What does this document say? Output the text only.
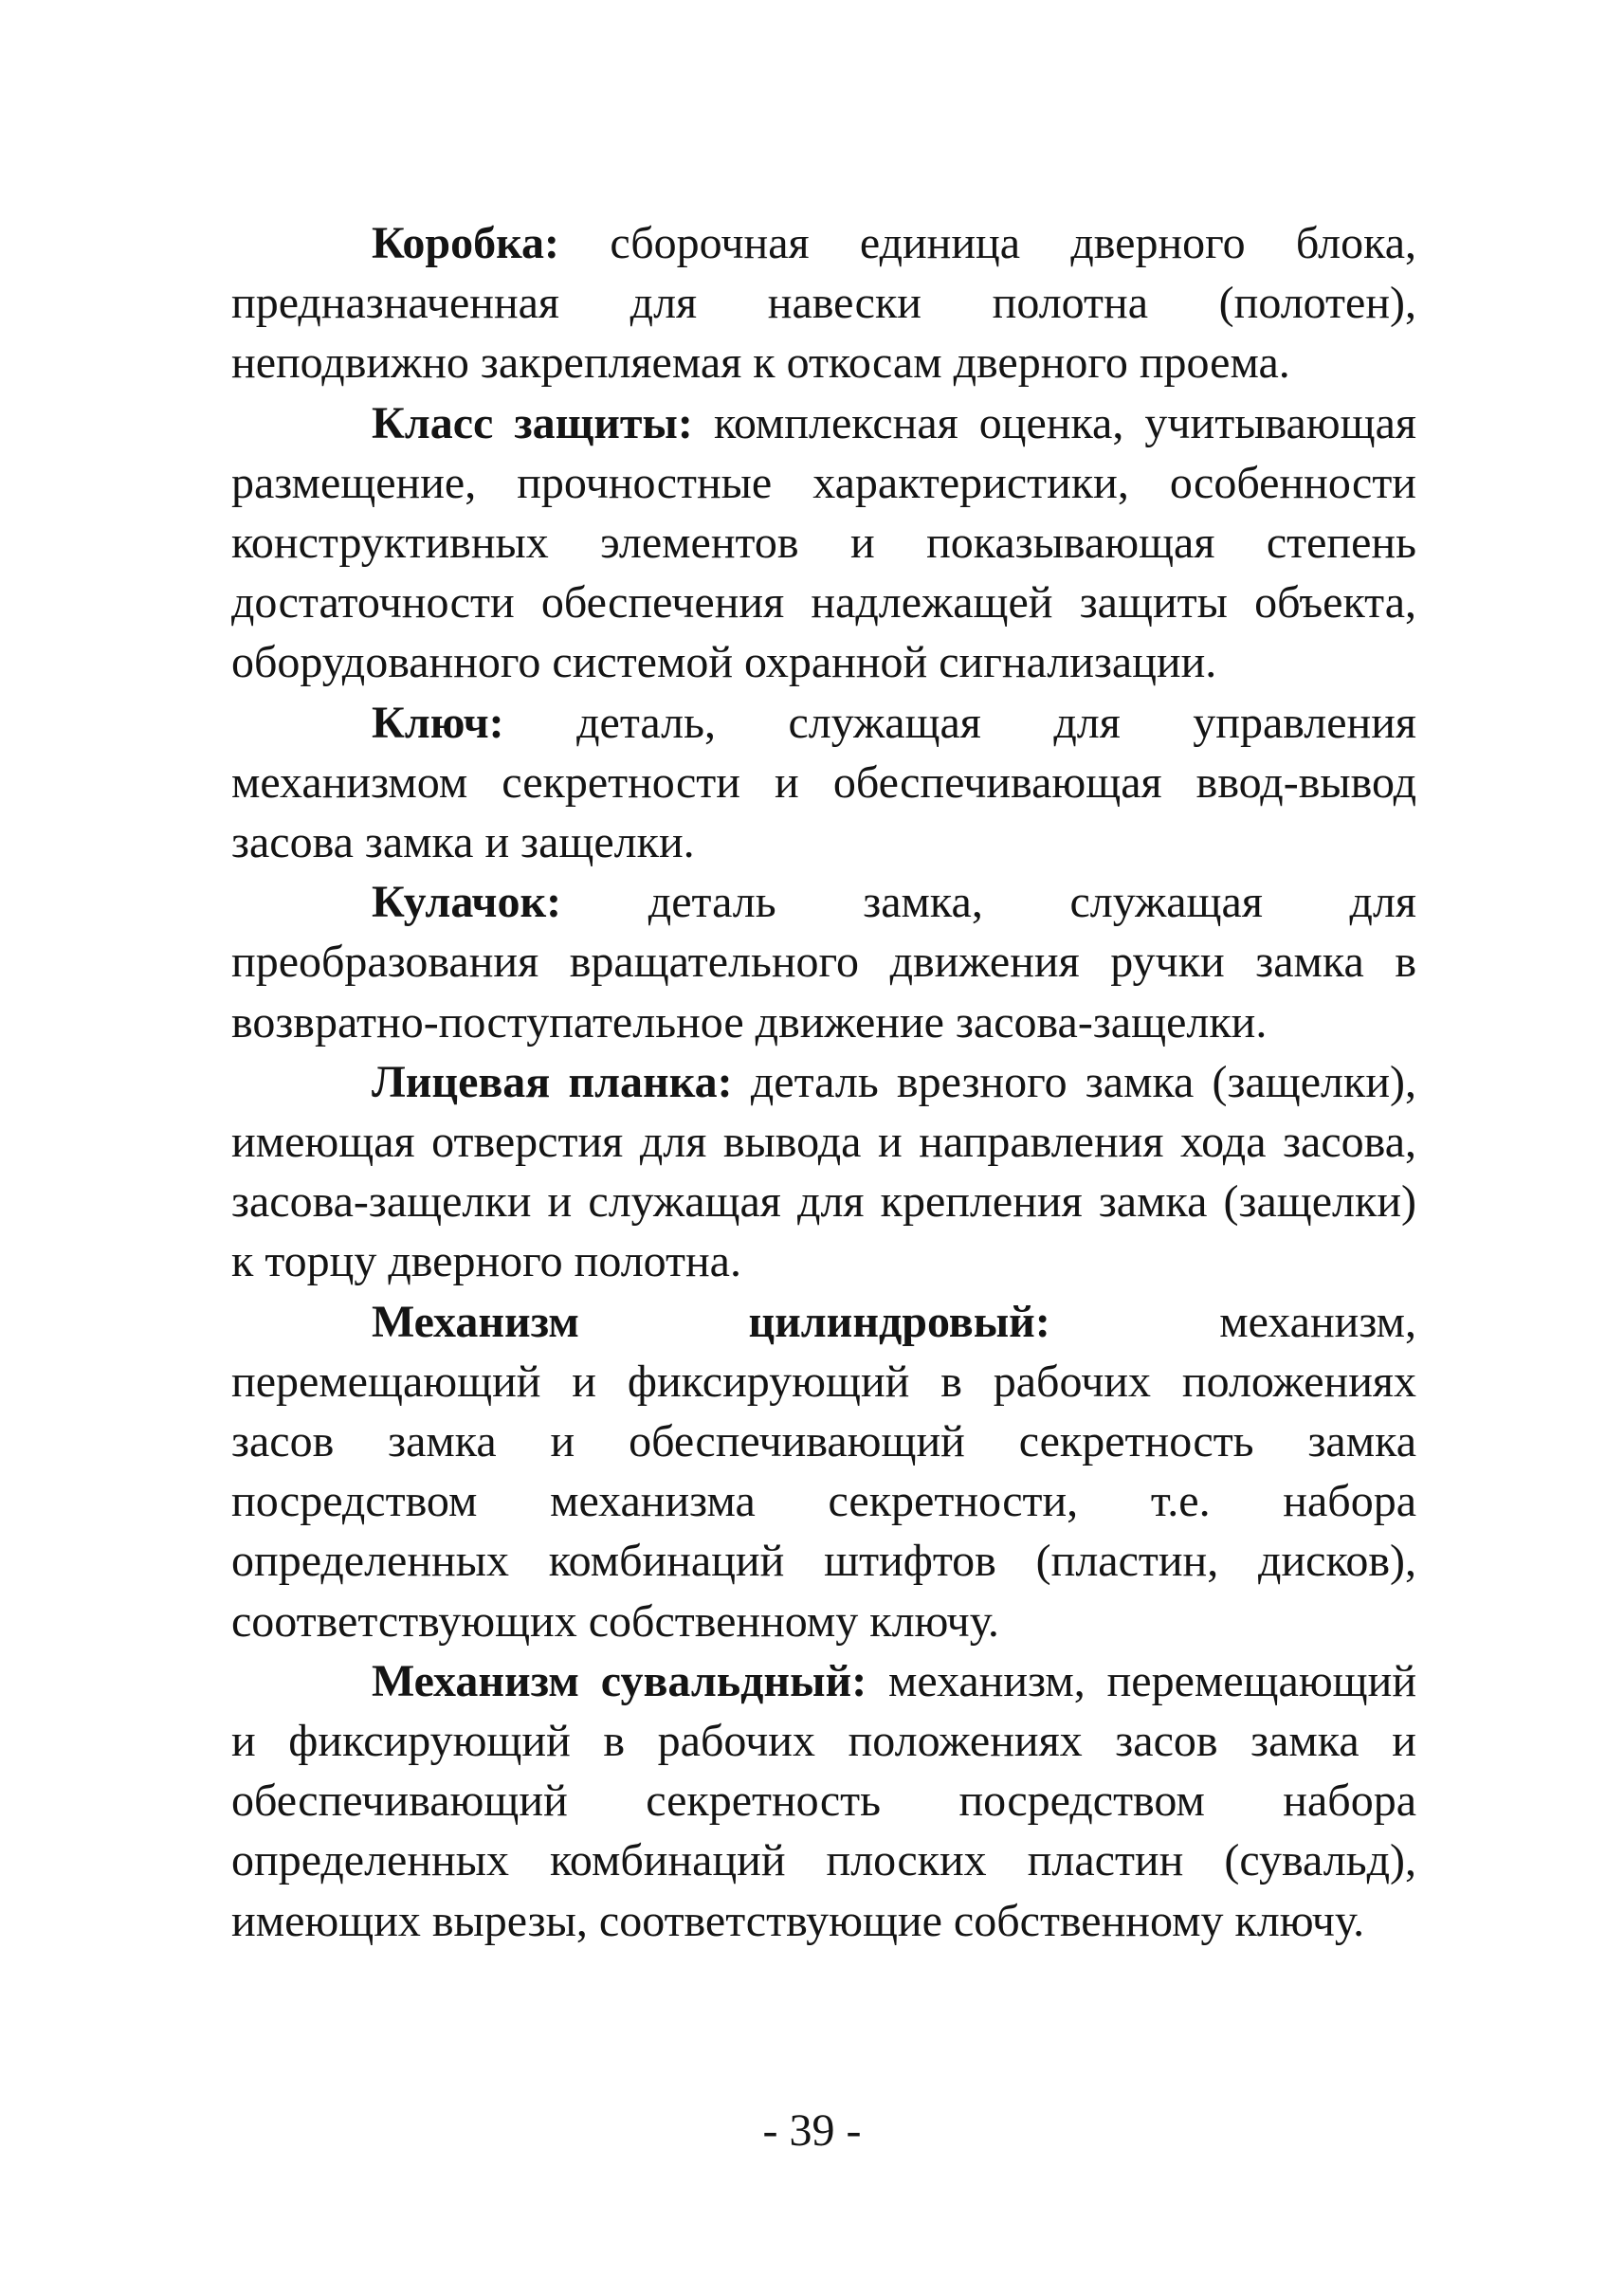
Коробка: сборочная единица дверного блока, предназначенная для навески полотна (полотен), неподвижно закрепляемая к откосам дверного проема.

Класс защиты: комплексная оценка, учитывающая размещение, прочностные характеристики, особенности конструктивных элементов и показывающая степень достаточности обеспечения надлежащей защиты объекта, оборудованного системой охранной сигнализации.

Ключ: деталь, служащая для управления механизмом секретности и обеспечивающая ввод-вывод засова замка и защелки.

Кулачок: деталь замка, служащая для преобразования вращательного движения ручки замка в возвратно-поступательное движение засова-защелки.

Лицевая планка: деталь врезного замка (защелки), имеющая отверстия для вывода и направления хода засова, засова-защелки и служащая для крепления замка (защелки) к торцу дверного полотна.

Механизм цилиндровый:	механизм, перемещающий и фиксирующий в рабочих положениях засов замка и обеспечивающий секретность замка посредством механизма секретности, т.е. набора определенных комбинаций штифтов (пластин, дисков), соответствующих собственному ключу.

Механизм сувальдный: механизм, перемещающий и фиксирующий в рабочих положениях засов замка и обеспечивающий секретность посредством набора определенных комбинаций плоских пластин (сувальд), имеющих вырезы, соответствующие собственному ключу.

- 39 -
